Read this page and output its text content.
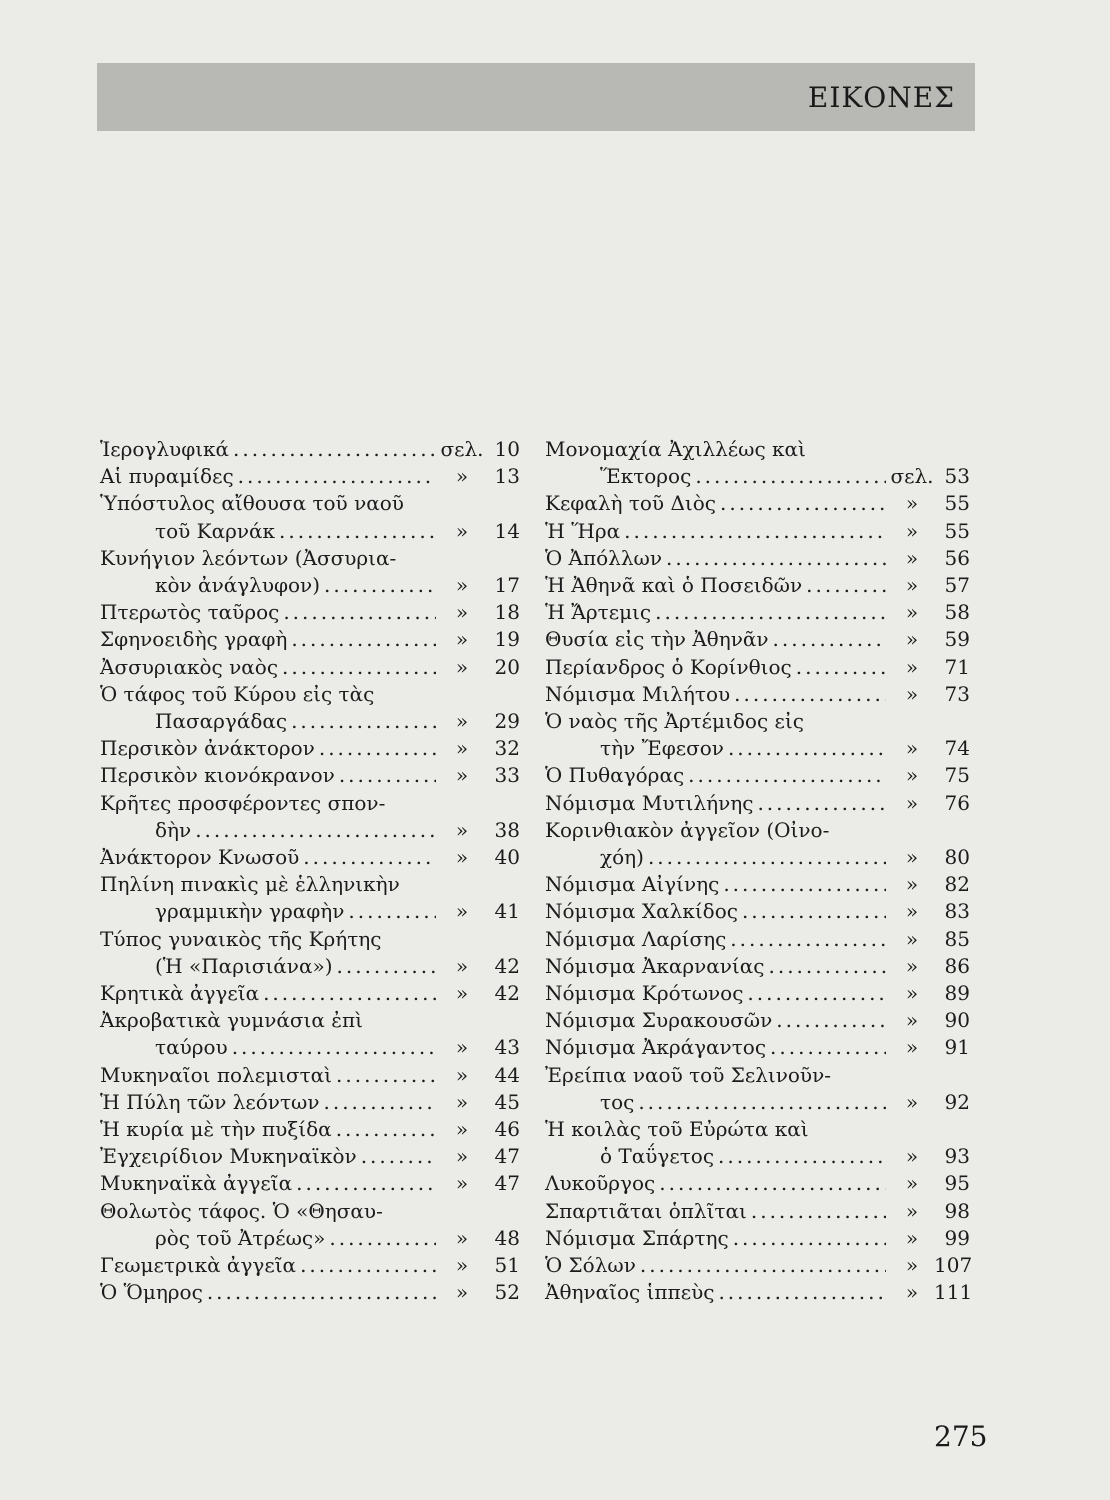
ΕΙΚΟΝΕΣ
Ἱερογλυφικά .....	σελ. 10
Αἱ πυραμίδες .....	»	13
Ὑπόστυλος αἴθουσα τοῦ ναοῦ
τοῦ Καρνάκ .....	»	14
Κυνήγιον λεόντων (Ἀσσυρια-
κὸν ἀνάγλυφον) .....	»	17
Πτερωτὸς ταῦρος .....	»	18
Σφηνοειδὴς γραφὴ .....	»	19
Ἀσσυριακὸς ναὸς .....	»	20
Ὁ τάφος τοῦ Κύρου εἰς τὰς
Πασαργάδας .....	»	29
Περσικὸν ἀνάκτορον .....	»	32
Περσικὸν κιονόκρανον .....	»	33
Κρῆτες προσφέροντες σπον-
δὴν .....	»	38
Ἀνάκτορον Κνωσοῦ .....	»	40
Πηλίνη πινακὶς μὲ ἑλληνικὴν
γραμμικὴν γραφὴν .....	»	41
Τύπος γυναικὸς τῆς Κρήτης
(Ἡ «Παρισιάνα») .....	»	42
Κρητικὰ ἀγγεῖα .....	»	42
Ἀκροβατικὰ γυμνάσια ἐπὶ
ταύρου .....	»	43
Μυκηναῖοι πολεμισταὶ .....	»	44
Ἡ Πύλη τῶν λεόντων .....	»	45
Ἡ κυρία μὲ τὴν πυξίδα .....	»	46
Ἐγχειρίδιον Μυκηναϊκὸν .....	»	47
Μυκηναϊκὰ ἀγγεῖα .....	»	47
Θολωτὸς τάφος. Ὁ «Θησαυ-
ρὸς τοῦ Ἀτρέως» .....	»	48
Γεωμετρικὰ ἀγγεῖα .....	»	51
Ὁ Ὅμηρος .....	»	52
Μονομαχία Ἀχιλλέως καὶ
Ἕκτορος .....	σελ. 53
Κεφαλὴ τοῦ Διὸς .....	»	55
Ἡ Ἥρα .....	»	55
Ὁ Ἀπόλλων .....	»	56
Ἡ Ἀθηνᾶ καὶ ὁ Ποσειδῶν .....	»	57
Ἡ Ἄρτεμις .....	»	58
Θυσία εἰς τὴν Ἀθηνᾶν .....	»	59
Περίανδρος ὁ Κορίνθιος .....	»	71
Νόμισμα Μιλήτου .....	»	73
Ὁ ναὸς τῆς Ἀρτέμιδος εἰς
τὴν Ἔφεσον .....	»	74
Ὁ Πυθαγόρας .....	»	75
Νόμισμα Μυτιλήνης .....	»	76
Κορινθιακὸν ἀγγεῖον (Οἰνο-
χόη) .....	»	80
Νόμισμα Αἰγίνης .....	»	82
Νόμισμα Χαλκίδος .....	»	83
Νόμισμα Λαρίσης .....	»	85
Νόμισμα Ἀκαρνανίας .....	»	86
Νόμισμα Κρότωνος .....	»	89
Νόμισμα Συρακουσῶν .....	»	90
Νόμισμα Ἀκράγαντος .....	»	91
Ἐρείπια ναοῦ τοῦ Σελινοῦν-
τος .....	»	92
Ἡ κοιλὰς τοῦ Εὐρώτα καὶ
ὁ Ταΰγετος .....	»	93
Λυκοῦργος .....	»	95
Σπαρτιᾶται ὁπλῖται .....	»	98
Νόμισμα Σπάρτης .....	»	99
Ὁ Σόλων .....	» 107
Ἀθηναῖος ἱππεὺς .....	» 111
275
